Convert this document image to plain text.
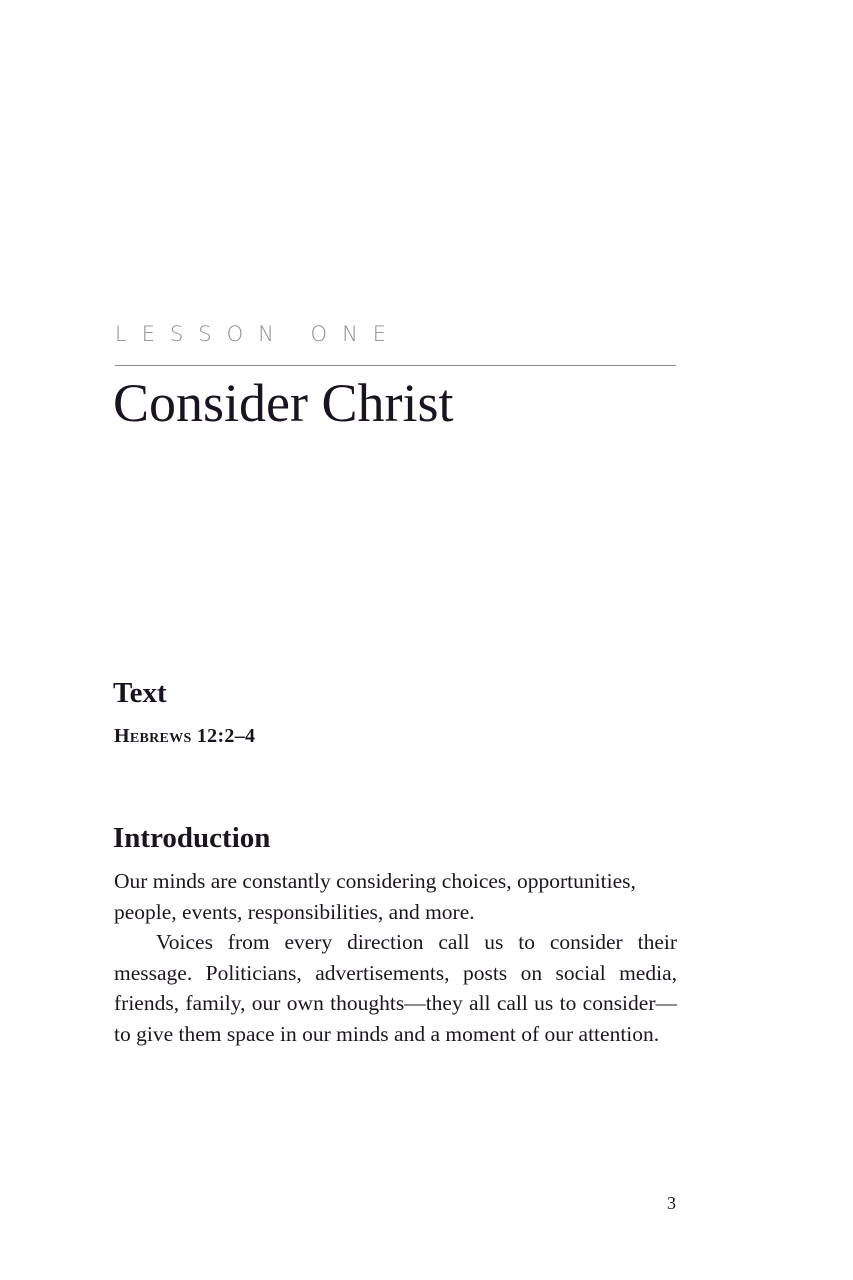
LESSON ONE
Consider Christ
Text
Hebrews 12:2–4
Introduction

Our minds are constantly considering choices, opportunities, people, events, responsibilities, and more.

Voices from every direction call us to consider their message. Politicians, advertisements, posts on social media, friends, family, our own thoughts—they all call us to consider—to give them space in our minds and a moment of our attention.

3
